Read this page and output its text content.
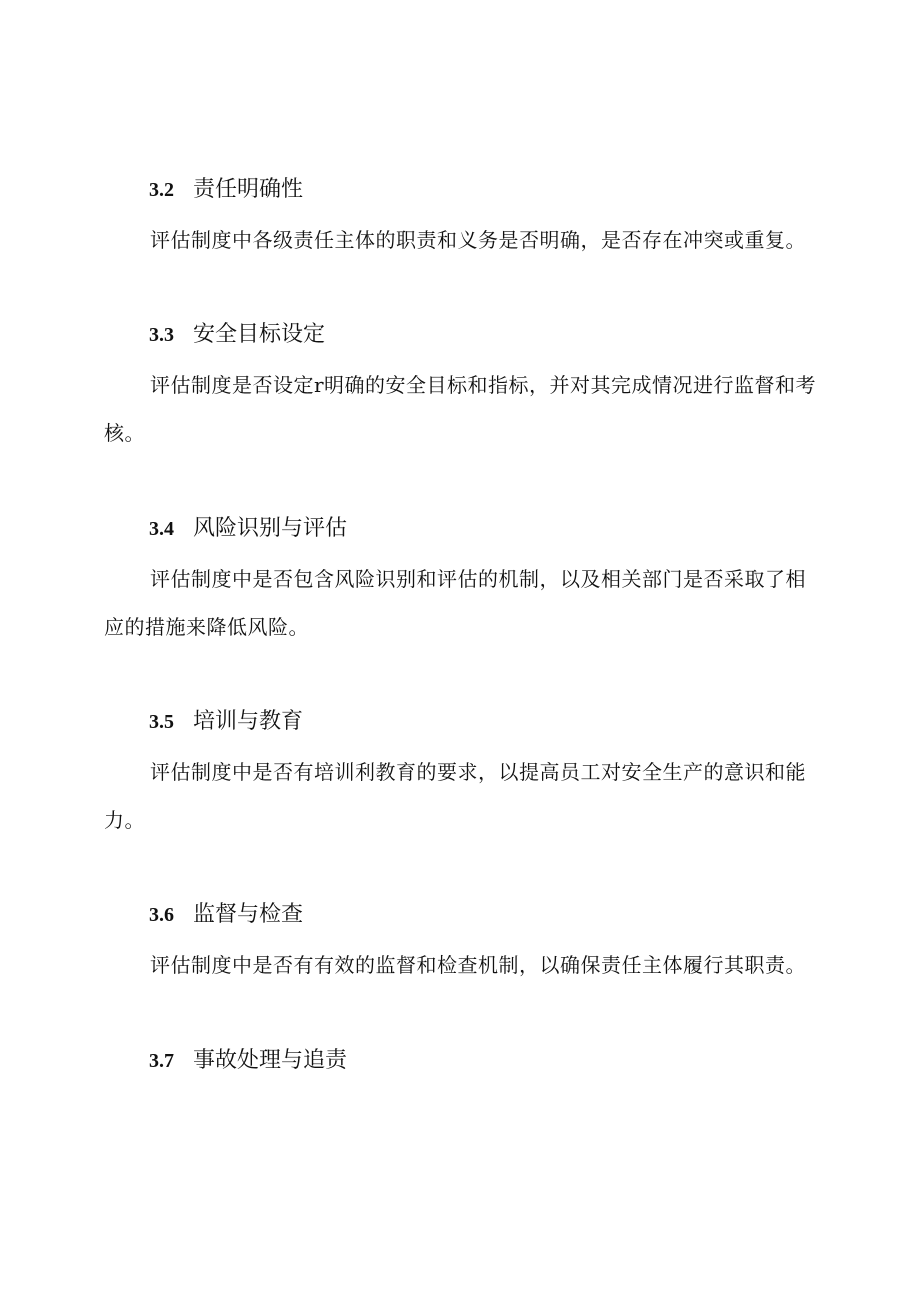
3.2 责任明确性

评估制度中各级责任主体的职责和义务是否明确，是否存在冲突或重复。

3.3 安全目标设定

评估制度是否设定r明确的安全目标和指标，并对其完成情况进行监督和考核。

3.4 风险识别与评估

评估制度中是否包含风险识别和评估的机制，以及相关部门是否采取了相应的措施来降低风险。

3.5 培训与教育

评估制度中是否有培训利教育的要求，以提高员工对安全生产的意识和能力。

3.6 监督与检查

评估制度中是否有有效的监督和检查机制，以确保责任主体履行其职责。

3.7 事故处理与追责
